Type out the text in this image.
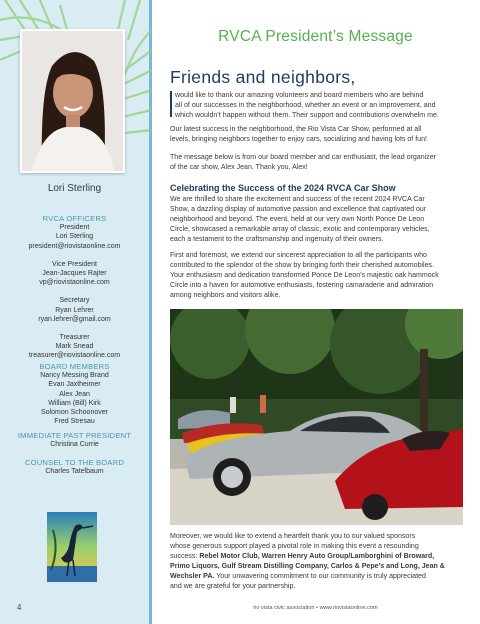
Lori Sterling
RVCA OFFICERS
President
Lori Sterling
president@riovistaonline.com
Vice President
Jean-Jacques Rajter
vp@riovistaonline.com
Secretary
Ryan Lehrer
ryan.lehrer@gmail.com
Treasurer
Mark Snead
treasurer@riovistaonline.com
BOARD MEMBERS
Nancy Messing Brand
Evan Jaxtheimer
Alex Jean
William (Bill) Kirk
Solomon Schoonover
Fred Stresau
IMMEDIATE PAST PRESIDENT
Christina Currie
COUNSEL TO THE BOARD
Charles Tatelbaum
4
RVCA President’s Message
Friends and neighbors,
would like to thank our amazing volunteers and board members who are behind
all of our successes in the neighborhood, whether an event or an improvement, and
which wouldn’t happen without them. Their support and contributions overwhelm me.
Our latest success in the neighborhood, the Rio Vista Car Show, performed at all
levels, bringing neighbors together to enjoy cars, socializing and having lots of fun!
The message below is from our board member and car enthusiast, the lead organizer
of the car show, Alex Jean. Thank you, Alex!
Celebrating the Success of the 2024 RVCA Car Show
We are thrilled to share the excitement and success of the recent 2024 RVCA Car
Show, a dazzling display of automotive passion and excellence that captivated our
neighborhood and beyond. The event, held at our very own North Ponce De Leon
Circle, showcased a remarkable array of classic, exotic and contemporary vehicles,
each a testament to the craftsmanship and ingenuity of their owners.
First and foremost, we extend our sincerest appreciation to all the participants who
contributed to the splendor of the show by bringing forth their cherished automobiles.
Your enthusiasm and dedication transformed Ponce De Leon’s majestic oak hammock
Circle into a haven for automotive enthusiasts, fostering camaraderie and admiration
among neighbors and visitors alike.
Moreover, we would like to extend a heartfelt thank you to our valued sponsors
whose generous support played a pivotal role in making this event a resounding
success: Rebel Motor Club, Warren Henry Auto Group/Lamborghini of Broward,
Primo Liquors, Gulf Stream Distilling Company, Carlos & Pepe’s and Long, Jean &
Wechsler PA. Your unwavering commitment to our community is truly appreciated
and we are grateful for your partnership.
rio vista civic association • www.riovistaonline.com
